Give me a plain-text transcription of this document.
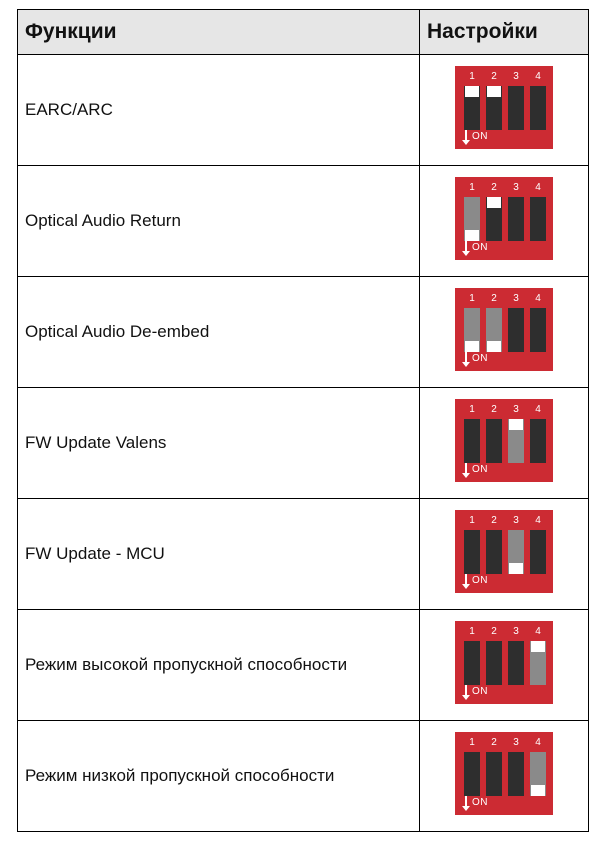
Функции	Настройки
EARC/ARC	1 2 3 4
ON

Optical Audio Return	1 2 3 4
ON

Optical Audio De-embed	1 2 3 4
ON

FW Update Valens	1 2 3 4
ON

FW Update - MCU	1 2 3 4
ON

Режим высокой пропускной способности	1 2 3 4
ON

Режим низкой пропускной способности	1 2 3 4
ON
